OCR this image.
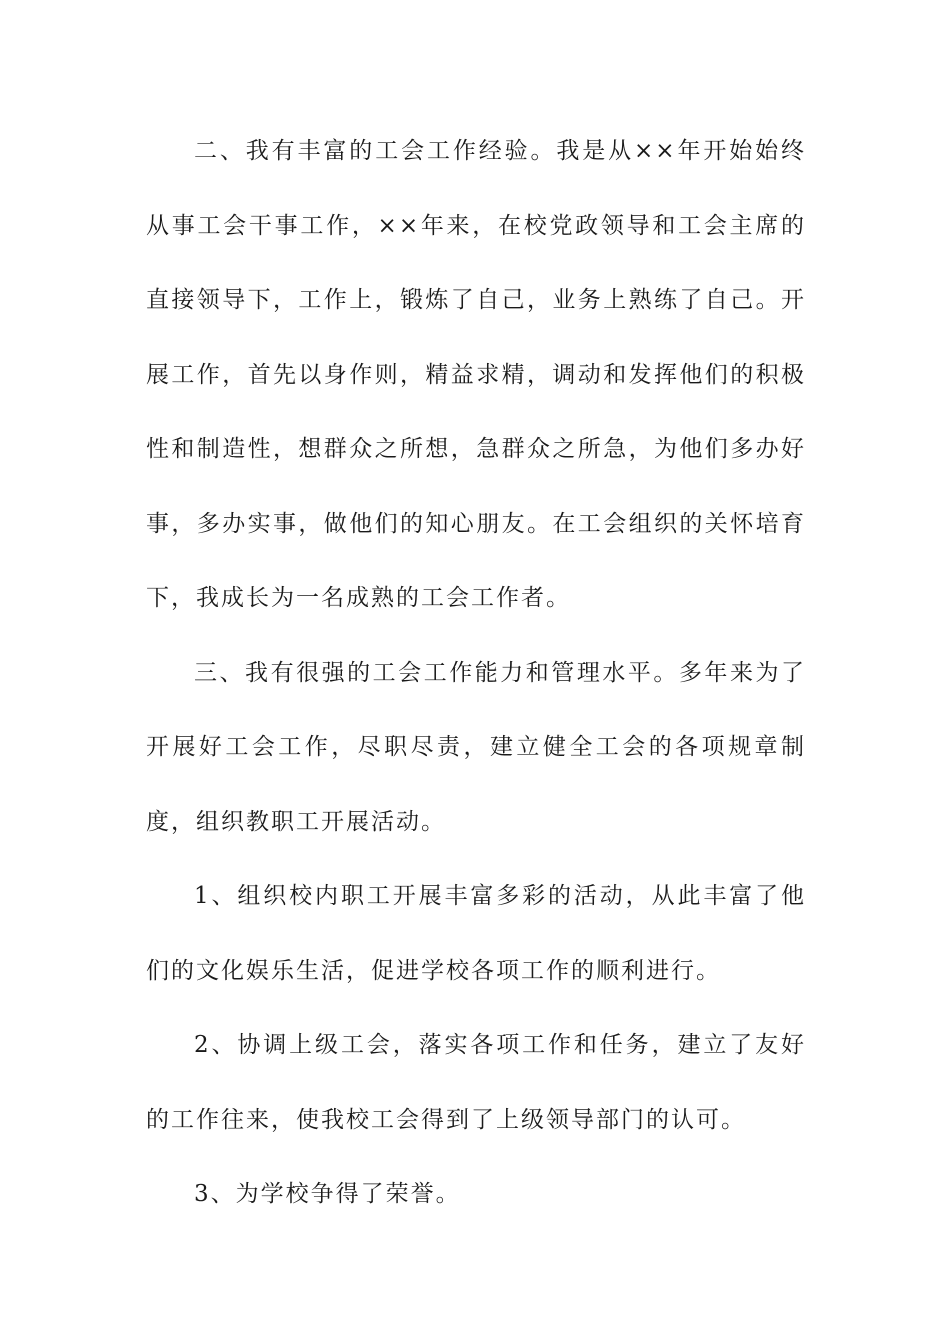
二、我有丰富的工会工作经验。我是从××年开始始终从事工会干事工作，××年来，在校党政领导和工会主席的直接领导下，工作上，锻炼了自己，业务上熟练了自己。开展工作，首先以身作则，精益求精，调动和发挥他们的积极性和制造性，想群众之所想，急群众之所急，为他们多办好事，多办实事，做他们的知心朋友。在工会组织的关怀培育下，我成长为一名成熟的工会工作者。

三、我有很强的工会工作能力和管理水平。多年来为了开展好工会工作，尽职尽责，建立健全工会的各项规章制度，组织教职工开展活动。

1、组织校内职工开展丰富多彩的活动，从此丰富了他们的文化娱乐生活，促进学校各项工作的顺利进行。

2、协调上级工会，落实各项工作和任务，建立了友好的工作往来，使我校工会得到了上级领导部门的认可。

3、为学校争得了荣誉。
